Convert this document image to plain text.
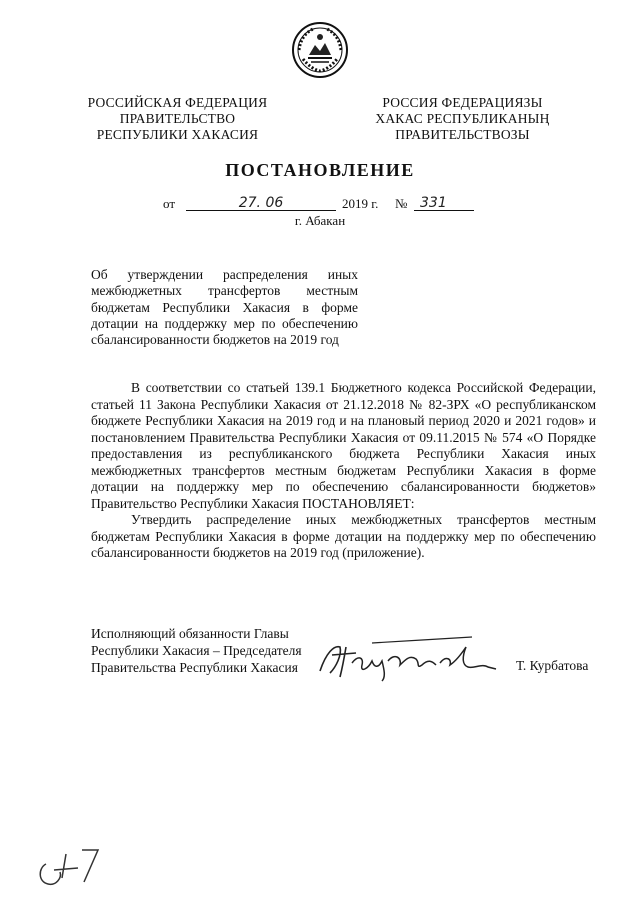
РОССИЙСКАЯ ФЕДЕРАЦИЯ
ПРАВИТЕЛЬСТВО
РЕСПУБЛИКИ ХАКАСИЯ
РОССИЯ ФЕДЕРАЦИЯЗЫ
ХАКАС РЕСПУБЛИКАНЫҢ
ПРАВИТЕЛЬСТВОЗЫ
ПОСТАНОВЛЕНИЕ
от	27. 06	2019 г. № 331
г. Абакан
Об утверждении распределения иных межбюджетных трансфертов местным бюджетам Республики Хакасия в форме дотации на поддержку мер по обеспечению сбалансированности бюджетов на 2019 год

В соответствии со статьей 139.1 Бюджетного кодекса Российской Федерации, статьей 11 Закона Республики Хакасия от 21.12.2018 № 82-ЗРХ «О республиканском бюджете Республики Хакасия на 2019 год и на плановый период 2020 и 2021 годов» и постановлением Правительства Республики Хакасия от 09.11.2015 № 574 «О Порядке предоставления из республиканского бюджета Республики Хакасия иных межбюджетных трансфертов местным бюджетам Республики Хакасия в форме дотации на поддержку мер по обеспечению сбалансированности бюджетов» Правительство Республики Хакасия ПОСТАНОВЛЯЕТ:

Утвердить распределение иных межбюджетных трансфертов местным бюджетам Республики Хакасия в форме дотации на поддержку мер по обеспечению сбалансированности бюджетов на 2019 год (приложение).

Исполняющий обязанности Главы
Республики Хакасия – Председателя
Правительства Республики Хакасия	Т. Курбатова
